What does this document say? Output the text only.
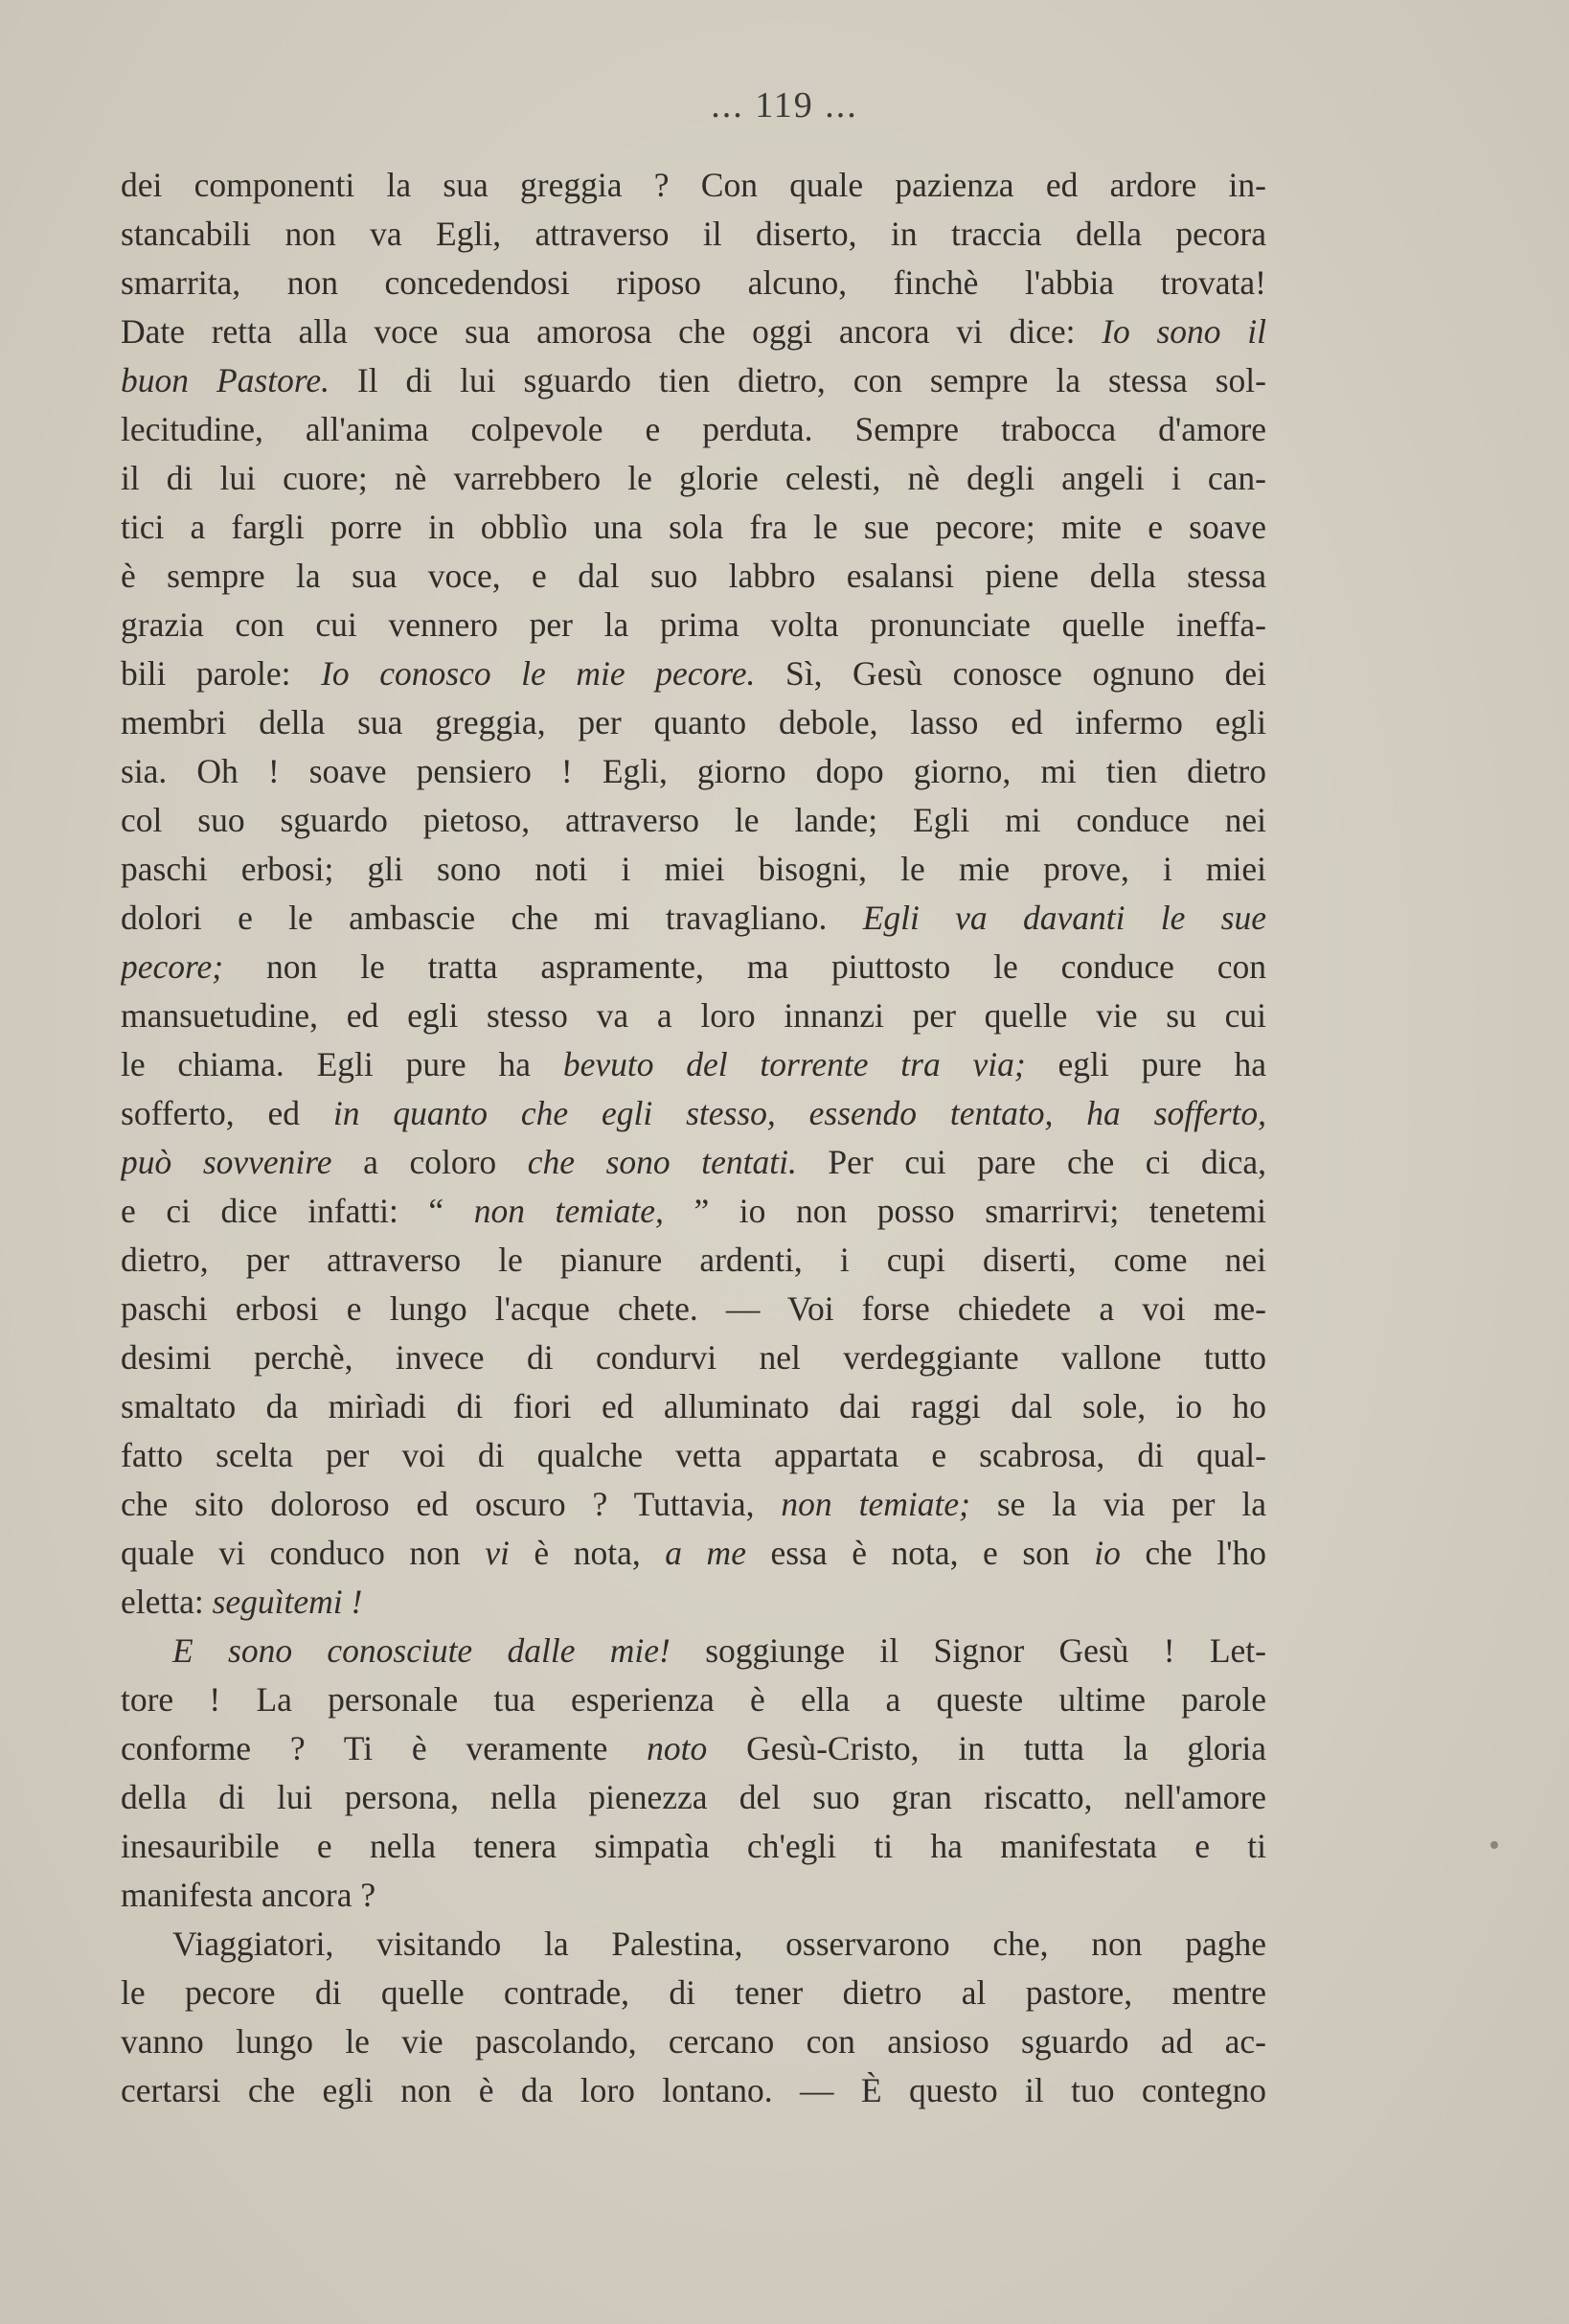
... 119 ...
dei componenti la sua greggia ? Con quale pazienza ed ardore in-
stancabili non va Egli, attraverso il diserto, in traccia della pecora
smarrita, non concedendosi riposo alcuno, finchè l'abbia trovata!
Date retta alla voce sua amorosa che oggi ancora vi dice: Io sono il
buon Pastore. Il di lui sguardo tien dietro, con sempre la stessa sol-
lecitudine, all'anima colpevole e perduta. Sempre trabocca d'amore
il di lui cuore; nè varrebbero le glorie celesti, nè degli angeli i can-
tici a fargli porre in obblìo una sola fra le sue pecore; mite e soave
è sempre la sua voce, e dal suo labbro esalansi piene della stessa
grazia con cui vennero per la prima volta pronunciate quelle ineffa-
bili parole: Io conosco le mie pecore. Sì, Gesù conosce ognuno dei
membri della sua greggia, per quanto debole, lasso ed infermo egli
sia. Oh ! soave pensiero ! Egli, giorno dopo giorno, mi tien dietro
col suo sguardo pietoso, attraverso le lande; Egli mi conduce nei
paschi erbosi; gli sono noti i miei bisogni, le mie prove, i miei
dolori e le ambascie che mi travagliano. Egli va davanti le sue
pecore; non le tratta aspramente, ma piuttosto le conduce con
mansuetudine, ed egli stesso va a loro innanzi per quelle vie su cui
le chiama. Egli pure ha bevuto del torrente tra via; egli pure ha
sofferto, ed in quanto che egli stesso, essendo tentato, ha sofferto,
può sovvenire a coloro che sono tentati. Per cui pare che ci dica,
e ci dice infatti: “ non temiate, ” io non posso smarrirvi; tenetemi
dietro, per attraverso le pianure ardenti, i cupi diserti, come nei
paschi erbosi e lungo l'acque chete. — Voi forse chiedete a voi me-
desimi perchè, invece di condurvi nel verdeggiante vallone tutto
smaltato da mirìadi di fiori ed alluminato dai raggi dal sole, io ho
fatto scelta per voi di qualche vetta appartata e scabrosa, di qual-
che sito doloroso ed oscuro ? Tuttavia, non temiate; se la via per la
quale vi conduco non vi è nota, a me essa è nota, e son io che l'ho
eletta: seguìtemi !
E sono conosciute dalle mie! soggiunge il Signor Gesù ! Let-
tore ! La personale tua esperienza è ella a queste ultime parole
conforme ? Ti è veramente noto Gesù-Cristo, in tutta la gloria
della di lui persona, nella pienezza del suo gran riscatto, nell'amore
inesauribile e nella tenera simpatìa ch'egli ti ha manifestata e ti
manifesta ancora ?
Viaggiatori, visitando la Palestina, osservarono che, non paghe
le pecore di quelle contrade, di tener dietro al pastore, mentre
vanno lungo le vie pascolando, cercano con ansioso sguardo ad ac-
certarsi che egli non è da loro lontano. — È questo il tuo contegno
